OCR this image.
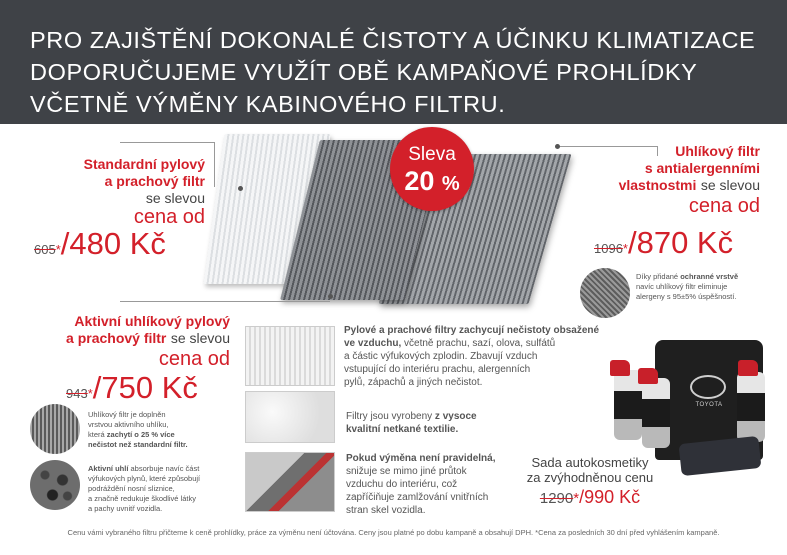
PRO ZAJIŠTĚNÍ DOKONALÉ ČISTOTY A ÚČINKU KLIMATIZACE
DOPORUČUJEME VYUŽÍT OBĚ KAMPAŇOVÉ PROHLÍDKY
VČETNĚ VÝMĚNY KABINOVÉHO FILTRU.
Sleva
20 %
Standardní pylový
a prachový filtr
se slevou
cena od
605*/480 Kč
Uhlíkový filtr
s antialergenními
vlastnostmi se slevou
cena od
1096*/870 Kč
Díky přidané ochranné vrstvě
navíc uhlíkový filtr eliminuje
alergeny s 95±5% úspěšností.
Aktivní uhlíkový pylový
a prachový filtr se slevou
cena od
943*/750 Kč
Uhlíkový filtr je doplněn
vrstvou aktivního uhlíku,
která zachytí o 25 % více
nečistot než standardní filtr.
Aktivní uhlí absorbuje navíc část
výfukových plynů, které způsobují
podráždění nosní sliznice,
a značně redukuje škodlivé látky
a pachy uvnitř vozidla.
Pylové a prachové filtry zachycují nečistoty obsažené
ve vzduchu, včetně prachu, sazí, olova, sulfátů
a částic výfukových zplodin. Zbavují vzduch
vstupující do interiéru prachu, alergenních
pylů, zápachů a jiných nečistot.
Filtry jsou vyrobeny z vysoce
kvalitní netkané textilie.
Pokud výměna není pravidelná,
snižuje se mimo jiné průtok
vzduchu do interiéru, což
zapříčiňuje zamlžování vnitřních
stran skel vozidla.
TOYOTA
Sada autokosmetiky
za zvýhodněnou cenu
1290*/990 Kč
Cenu vámi vybraného filtru přičteme k ceně prohlídky, práce za výměnu není účtována. Ceny jsou platné po dobu kampaně a obsahují DPH. *Cena za posledních 30 dní před vyhlášením kampaně.
